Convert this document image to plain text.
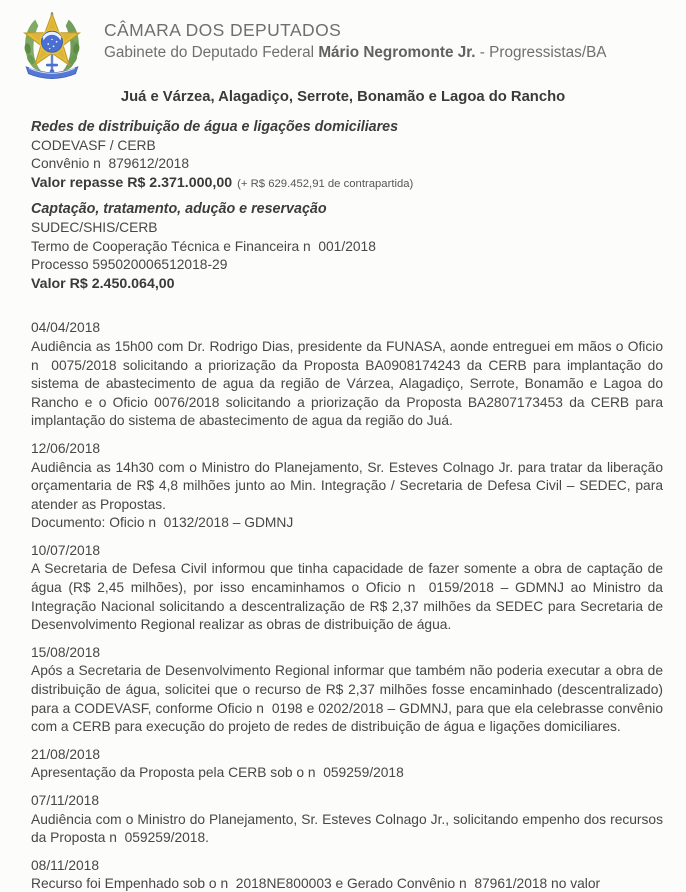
CÂMARA DOS DEPUTADOS
Gabinete do Deputado Federal Mário Negromonte Jr. - Progressistas/BA
Juá e Várzea, Alagadiço, Serrote, Bonamão e Lagoa do Rancho
Redes de distribuição de água e ligações domiciliares
CODEVASF / CERB
Convênio n  879612/2018
Valor repasse R$ 2.371.000,00 (+ R$ 629.452,91 de contrapartida)
Captação, tratamento, adução e reservação
SUDEC/SHIS/CERB
Termo de Cooperação Técnica e Financeira n  001/2018
Processo 595020006512018-29
Valor R$ 2.450.064,00
04/04/2018
Audiência as 15h00 com Dr. Rodrigo Dias, presidente da FUNASA, aonde entreguei em mãos o Oficio n  0075/2018 solicitando a priorização da Proposta BA0908174243 da CERB para implantação do sistema de abastecimento de agua da região de Várzea, Alagadiço, Serrote, Bonamão e Lagoa do Rancho e o Oficio 0076/2018 solicitando a priorização da Proposta BA2807173453 da CERB para implantação do sistema de abastecimento de agua da região do Juá.
12/06/2018
Audiência as 14h30 com o Ministro do Planejamento, Sr. Esteves Colnago Jr. para tratar da liberação orçamentaria de R$ 4,8 milhões junto ao Min. Integração / Secretaria de Defesa Civil – SEDEC, para atender as Propostas.
Documento: Oficio n  0132/2018 – GDMNJ
10/07/2018
A Secretaria de Defesa Civil informou que tinha capacidade de fazer somente a obra de captação de água (R$ 2,45 milhões), por isso encaminhamos o Oficio n  0159/2018 – GDMNJ ao Ministro da Integração Nacional solicitando a descentralização de R$ 2,37 milhões da SEDEC para Secretaria de Desenvolvimento Regional realizar as obras de distribuição de água.
15/08/2018
Após a Secretaria de Desenvolvimento Regional informar que também não poderia executar a obra de distribuição de água, solicitei que o recurso de R$ 2,37 milhões fosse encaminhado (descentralizado) para a CODEVASF, conforme Oficio n  0198 e 0202/2018 – GDMNJ, para que ela celebrasse convênio com a CERB para execução do projeto de redes de distribuição de água e ligações domiciliares.
21/08/2018
Apresentação da Proposta pela CERB sob o n  059259/2018
07/11/2018
Audiência com o Ministro do Planejamento, Sr. Esteves Colnago Jr., solicitando empenho dos recursos da Proposta n  059259/2018.
08/11/2018
Recurso foi Empenhado sob o n  2018NE800003 e Gerado Convênio n  87961/2018 no valor
